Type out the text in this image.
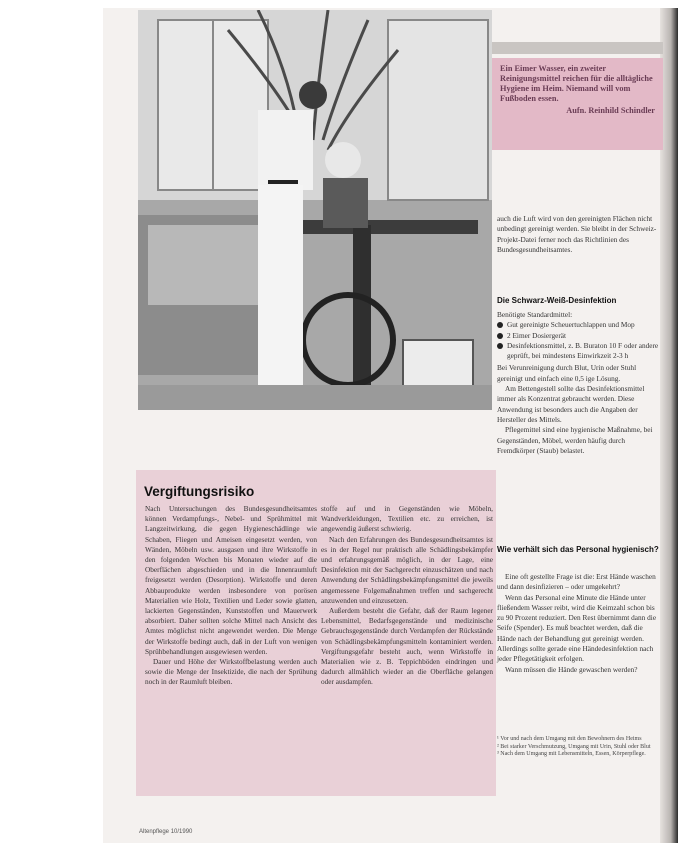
Ein Eimer Wasser, ein zweiter Reinigungsmittel reichen für die alltägliche Hygiene im Heim. Niemand will vom Fußboden essen.
Aufn. Reinhild Schindler
Vergiftungsrisiko

Nach Untersuchungen des Bundesgesundheitsamtes können Verdampfungs-, Nebel- und Sprühmittel mit Langzeitwirkung, die gegen Hygieneschädlinge wie Schaben, Fliegen und Ameisen eingesetzt werden, von Wänden, Möbeln usw. ausgasen und ihre Wirkstoffe in den folgenden Wochen bis Monaten wieder auf die Oberflächen abgeschieden und in die Innenraumluft freigesetzt werden (Desorption). Wirkstoffe und deren Abbauprodukte werden insbesondere von porösen Materialien wie Holz, Textilien und Leder sowie glatten, lackierten Gegenständen, Kunststoffen und Mauerwerk absorbiert. Daher sollten solche Mittel nach Ansicht des Amtes möglichst nicht angewendet werden. Die Menge der Wirkstoffe bedingt auch, daß in der Luft von wenigen Sprühbehandlungen ausgewiesen werden.

Dauer und Höhe der Wirkstoffbelastung werden auch sowie die Menge der Insektizide, die nach der Sprühung noch in der Raumluft bleiben.

stoffe auf und in Gegenständen wie Möbeln, Wandverkleidungen, Textilien etc. zu erreichen, ist angewendig äußerst schwierig.

Nach den Erfahrungen des Bundesgesundheitsamtes ist es in der Regel nur praktisch alle Schädlingsbekämpfer und erfahrungsgemäß möglich, in der Lage, eine Desinfektion mit der Sachgerecht einzuschätzen und nach Anwendung der Schädlingsbekämpfungsmittel die jeweils angemessene Folgemaßnahmen treffen und sachgerecht anzuwenden und einzusetzen.

Außerdem besteht die Gefahr, daß der Raum legener Lebensmittel, Bedarfsgegenstände und medizinische Gebrauchsgegenstände durch Verdampfen der Rückstände von Schädlingsbekämpfungsmitteln kontaminiert werden. Vergiftungsgefahr besteht auch, wenn Wirkstoffe in Materialien wie z. B. Teppichböden eindringen und dadurch allmählich wieder an die Oberfläche gelangen oder ausdampfen.

auch die Luft wird von den gereinigten Flächen nicht unbedingt gereinigt werden. Sie bleibt in der Schweiz-Projekt-Datei ferner noch das Richtlinien des Bundesgesundheitsamtes.

Die Schwarz-Weiß-Desinfektion

Benötigte Standardmittel:

Gut gereinigte Scheuertuchlappen und Mop
2 Eimer Dosiergerät
Desinfektionsmittel, z. B. Buraton 10 F oder andere geprüft, bei mindestens Einwirkzeit 2-3 h

Bei Verunreinigung durch Blut, Urin oder Stuhl gereinigt und einfach eine 0,5 ige Lösung.

Am Bettengestell sollte das Desinfektionsmittel immer als Konzentrat gebraucht werden. Diese Anwendung ist besonders auch die Angaben der Hersteller des Mittels.

Pflegemittel sind eine hygienische Maßnahme, bei Gegenständen, Möbel, werden häufig durch Fremdkörper (Staub) belastet.

Wie verhält sich das Personal hygienisch?

Eine oft gestellte Frage ist die: Erst Hände waschen und dann desinfizieren – oder umgekehrt?

Wenn das Personal eine Minute die Hände unter fließendem Wasser reibt, wird die Keimzahl schon bis zu 90 Prozent reduziert. Den Rest übernimmt dann die Seife (Spender). Es muß beachtet werden, daß die Hände nach der Behandlung gut gereinigt werden. Allerdings sollte gerade eine Händedesinfektion nach jeder Pflegetätigkeit erfolgen.

Wann müssen die Hände gewaschen werden?

¹ Vor und nach dem Umgang mit den Bewohnern des Heims
² Bei starker Verschmutzung, Umgang mit Urin, Stuhl oder Blut
³ Nach dem Umgang mit Lebensmitteln, Essen, Körperpflege.
Altenpflege 10/1990
